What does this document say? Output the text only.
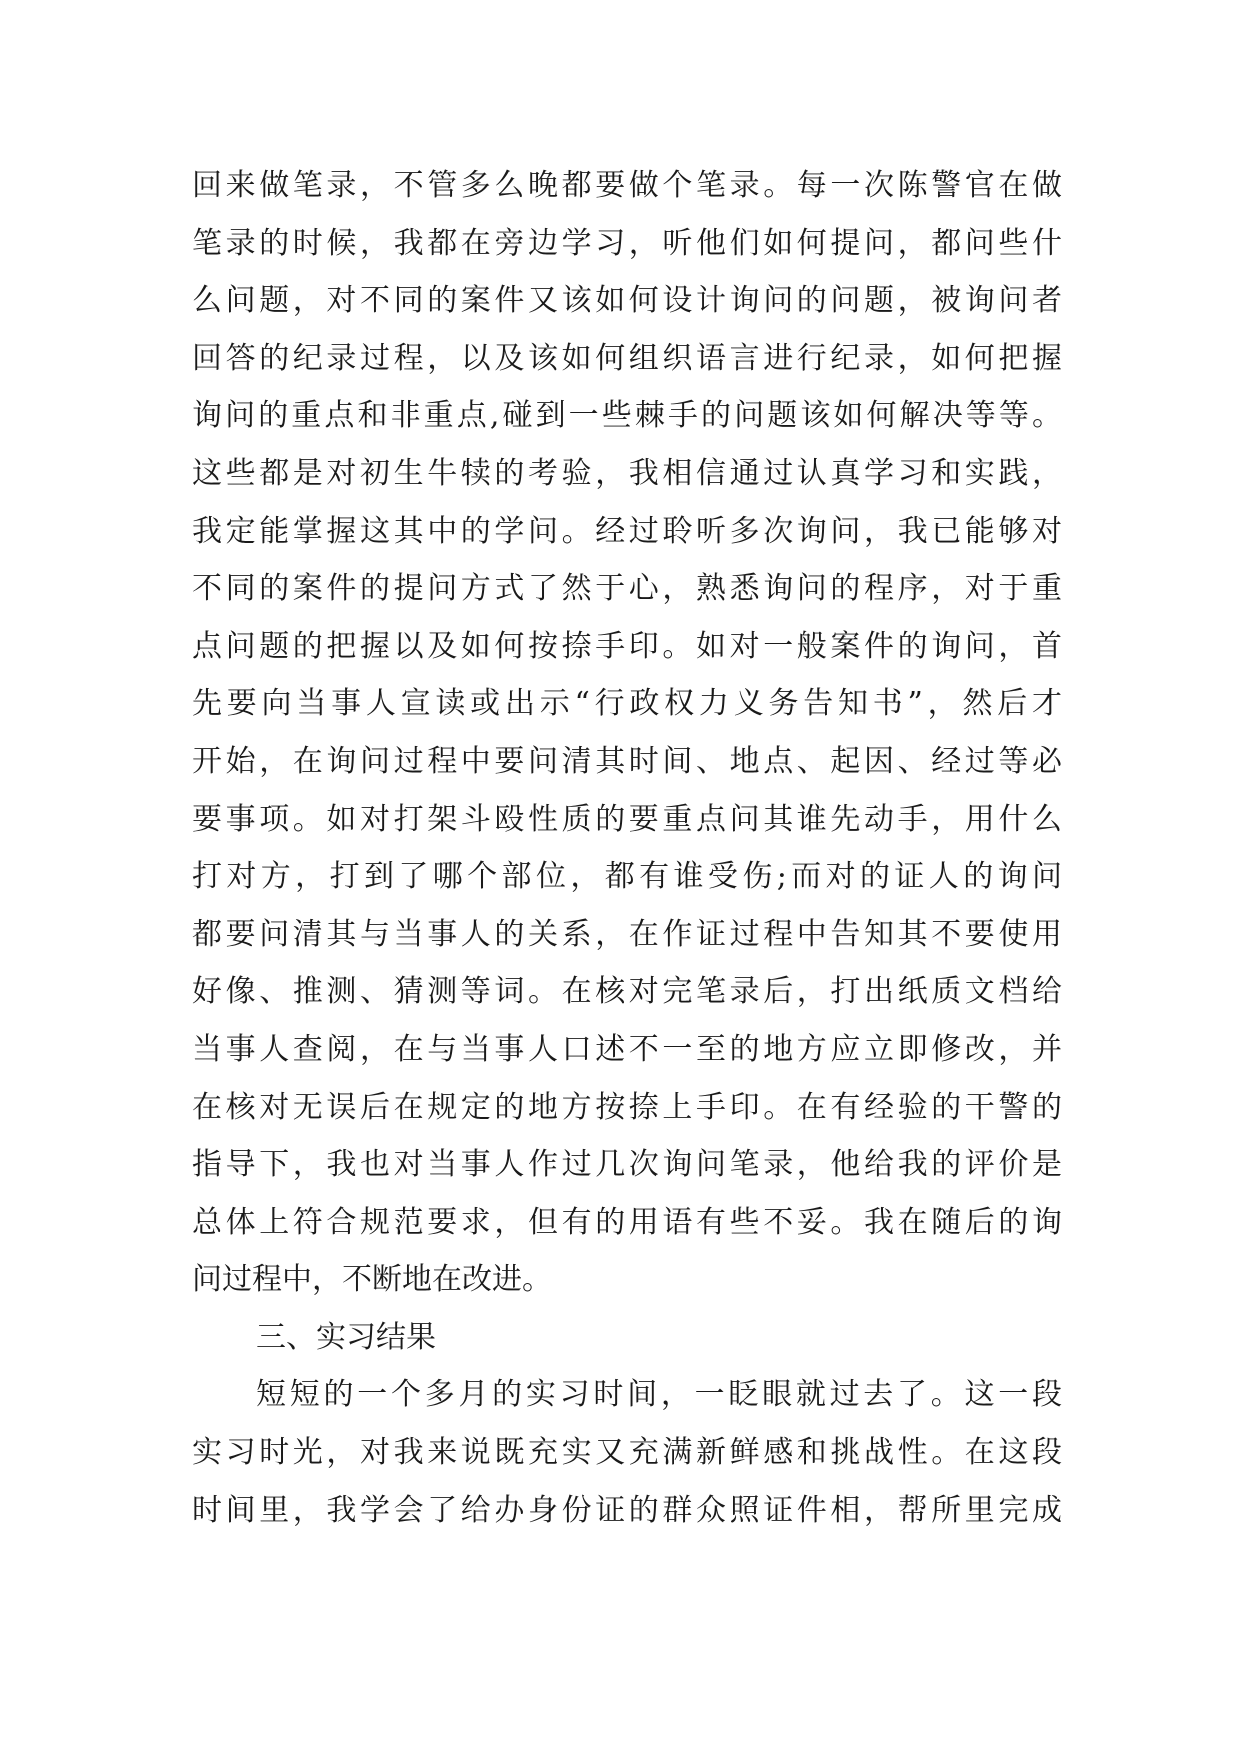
回来做笔录，不管多么晚都要做个笔录。每一次陈警官在做
笔录的时候，我都在旁边学习，听他们如何提问，都问些什
么问题，对不同的案件又该如何设计询问的问题，被询问者
回答的纪录过程，以及该如何组织语言进行纪录，如何把握
询问的重点和非重点,碰到一些棘手的问题该如何解决等等。
这些都是对初生牛犊的考验，我相信通过认真学习和实践，
我定能掌握这其中的学问。经过聆听多次询问，我已能够对
不同的案件的提问方式了然于心，熟悉询问的程序，对于重
点问题的把握以及如何按捺手印。如对一般案件的询问，首
先要向当事人宣读或出示“行政权力义务告知书”，然后才
开始，在询问过程中要问清其时间、地点、起因、经过等必
要事项。如对打架斗殴性质的要重点问其谁先动手，用什么
打对方，打到了哪个部位，都有谁受伤;而对的证人的询问
都要问清其与当事人的关系，在作证过程中告知其不要使用
好像、推测、猜测等词。在核对完笔录后，打出纸质文档给
当事人查阅，在与当事人口述不一至的地方应立即修改，并
在核对无误后在规定的地方按捺上手印。在有经验的干警的
指导下，我也对当事人作过几次询问笔录，他给我的评价是
总体上符合规范要求，但有的用语有些不妥。我在随后的询
问过程中，不断地在改进。
三、实习结果
短短的一个多月的实习时间，一眨眼就过去了。这一段
实习时光，对我来说既充实又充满新鲜感和挑战性。在这段
时间里，我学会了给办身份证的群众照证件相，帮所里完成
